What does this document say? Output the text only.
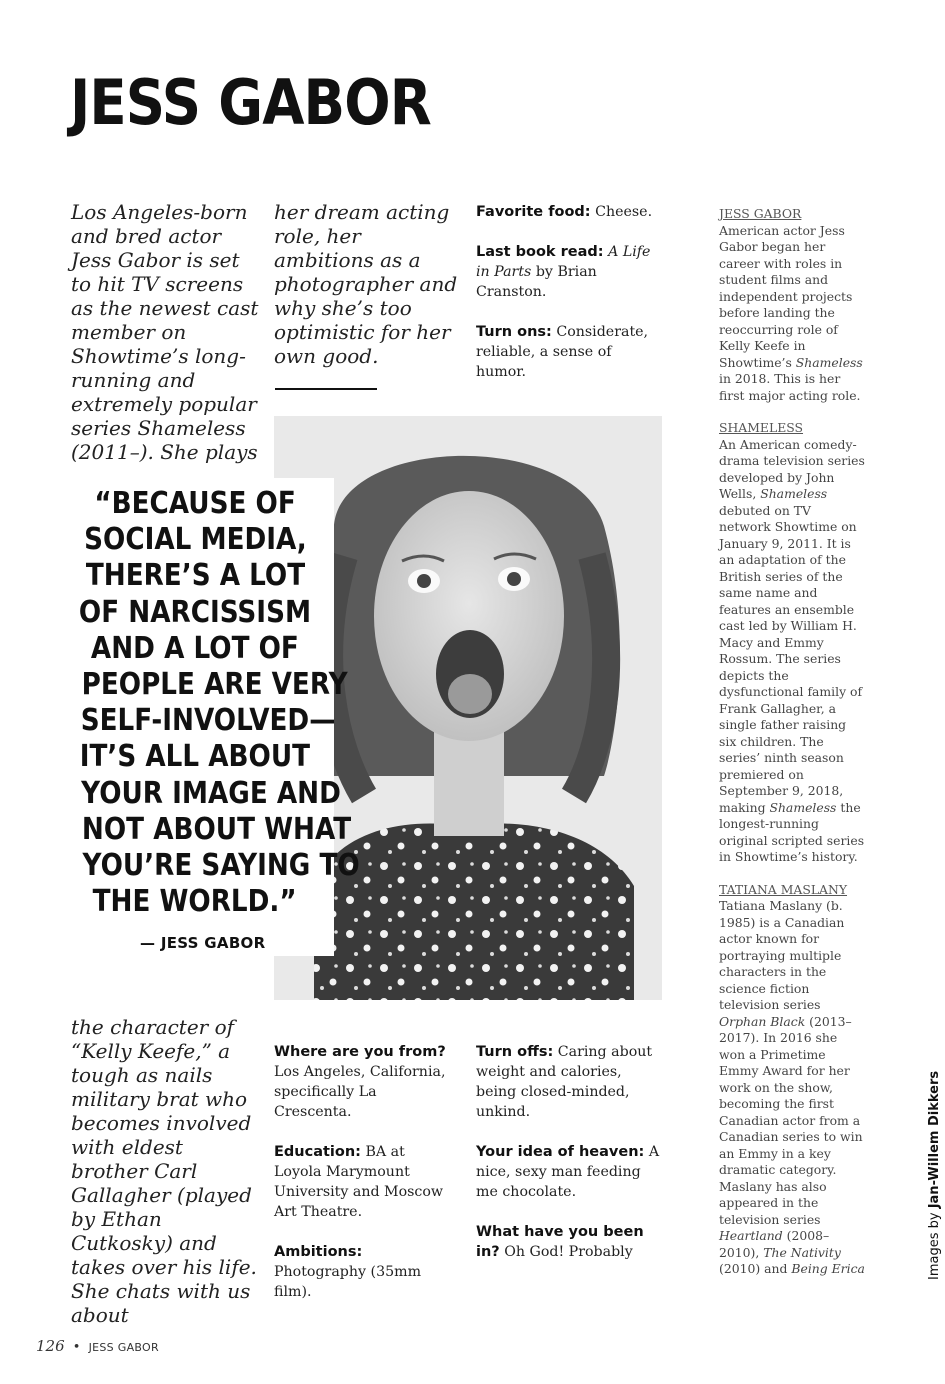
JESS GABOR

Los Angeles-born and bred actor Jess Gabor is set to hit TV screens as the newest cast member on Showtime’s long-running and extremely popular series Shameless (2011–). She plays

her dream acting role, her ambitions as a photographer and why she’s too optimistic for her own good.

Favorite food: Cheese.

Last book read: A Life in Parts by Brian Cranston.

Turn ons: Considerate, reliable, a sense of humor.

“BECAUSE OF
SOCIAL MEDIA,
THERE’S A LOT
OF NARCISSISM
AND A LOT OF
PEOPLE ARE VERY
SELF-INVOLVED—
IT’S ALL ABOUT
YOUR IMAGE AND
NOT ABOUT WHAT
YOU’RE SAYING TO
THE WORLD.”

— JESS GABOR

the character of “Kelly Keefe,” a tough as nails military brat who becomes involved with eldest brother Carl Gallagher (played by Ethan Cutkosky) and takes over his life. She chats with us about

Where are you from? Los Angeles, California, specifically La Crescenta.

Education: BA at Loyola Marymount University and Moscow Art Theatre.

Ambitions: Photography (35mm film).

Turn offs: Caring about weight and calories, being closed-minded, unkind.

Your idea of heaven: A nice, sexy man feeding me chocolate.

What have you been in? Oh God! Probably

JESS GABOR
American actor Jess Gabor began her career with roles in student films and independent projects before landing the reoccurring role of Kelly Keefe in Showtime’s Shameless in 2018. This is her first major acting role.
SHAMELESS
An American comedy-drama television series developed by John Wells, Shameless debuted on TV network Showtime on January 9, 2011. It is an adaptation of the British series of the same name and features an ensemble cast led by William H. Macy and Emmy Rossum. The series depicts the dysfunctional family of Frank Gallagher, a single father raising six children. The series’ ninth season premiered on September 9, 2018, making Shameless the longest-running original scripted series in Showtime’s history.
TATIANA MASLANY
Tatiana Maslany (b. 1985) is a Canadian actor known for portraying multiple characters in the science fiction television series Orphan Black (2013–2017). In 2016 she won a Primetime Emmy Award for her work on the show, becoming the first Canadian actor from a Canadian series to win an Emmy in a key dramatic category. Maslany has also appeared in the television series Heartland (2008–2010), The Nativity (2010) and Being Erica	Images by Jan-Willem Dikkers
126 • JESS GABOR
